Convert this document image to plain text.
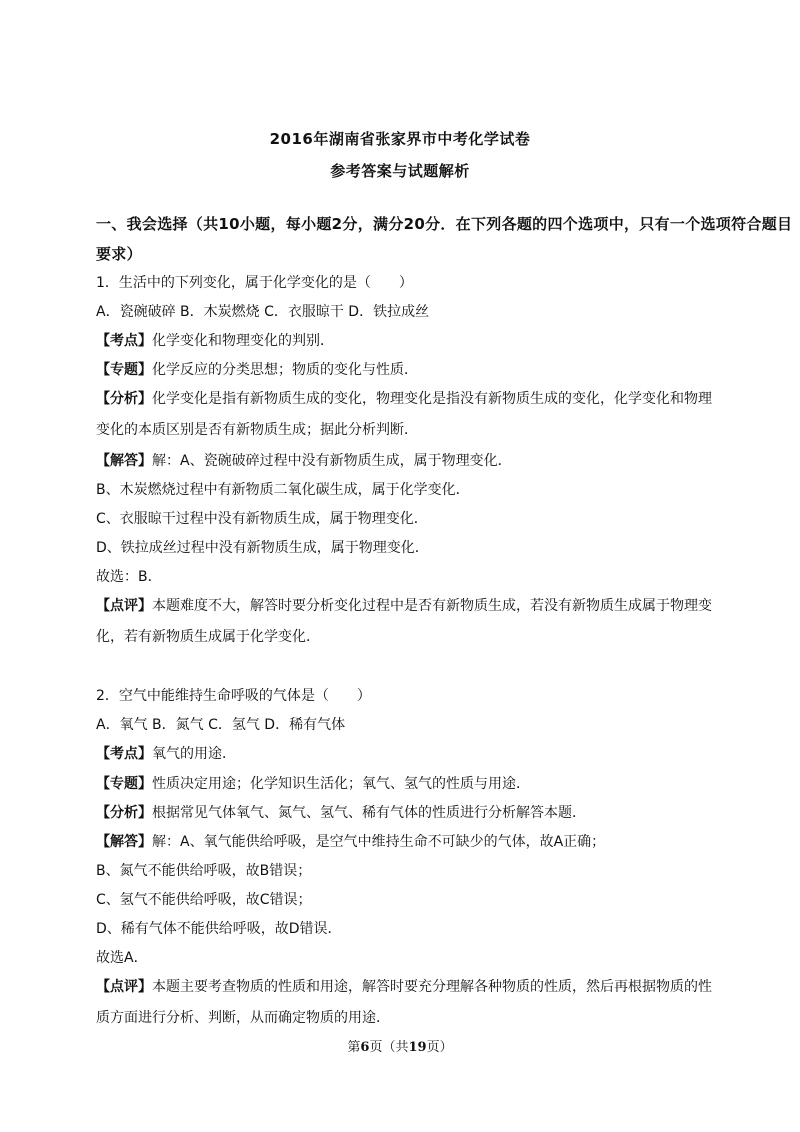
2016年湖南省张家界市中考化学试卷
参考答案与试题解析
一、我会选择（共10小题，每小题2分，满分20分．在下列各题的四个选项中，只有一个选项符合题目
要求）
1．生活中的下列变化，属于化学变化的是（　　）
A．瓷碗破碎 B．木炭燃烧 C．衣服晾干 D．铁拉成丝
【考点】化学变化和物理变化的判别．
【专题】化学反应的分类思想；物质的变化与性质．
【分析】化学变化是指有新物质生成的变化，物理变化是指没有新物质生成的变化，化学变化和物理
变化的本质区别是否有新物质生成；据此分析判断．
【解答】解：A、瓷碗破碎过程中没有新物质生成，属于物理变化．
B、木炭燃烧过程中有新物质二氧化碳生成，属于化学变化．
C、衣服晾干过程中没有新物质生成，属于物理变化．
D、铁拉成丝过程中没有新物质生成，属于物理变化．
故选：B．
【点评】本题难度不大，解答时要分析变化过程中是否有新物质生成，若没有新物质生成属于物理变
化，若有新物质生成属于化学变化．
2．空气中能维持生命呼吸的气体是（　　）
A．氧气 B．氮气 C．氢气 D．稀有气体
【考点】氧气的用途．
【专题】性质决定用途；化学知识生活化；氧气、氢气的性质与用途．
【分析】根据常见气体氧气、氮气、氢气、稀有气体的性质进行分析解答本题．
【解答】解：A、氧气能供给呼吸，是空气中维持生命不可缺少的气体，故A正确；
B、氮气不能供给呼吸，故B错误；
C、氢气不能供给呼吸，故C错误；
D、稀有气体不能供给呼吸，故D错误．
故选A．
【点评】本题主要考查物质的性质和用途，解答时要充分理解各种物质的性质，然后再根据物质的性
质方面进行分析、判断，从而确定物质的用途．
第6页（共19页）
